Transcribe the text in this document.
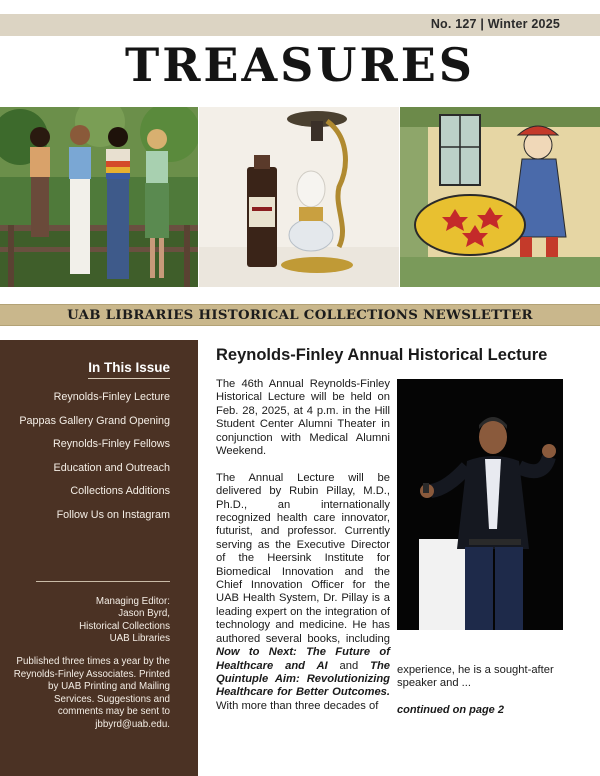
No. 127 | Winter 2025
TREASURES
UAB LIBRARIES HISTORICAL COLLECTIONS NEWSLETTER
In This Issue
Reynolds-Finley Lecture
Pappas Gallery Grand Opening
Reynolds-Finley Fellows
Education and Outreach
Collections Additions
Follow Us on Instagram
Managing Editor:
Jason Byrd,
Historical Collections
UAB Libraries
Published three times a year by the Reynolds-Finley Associates. Printed by UAB Printing and Mailing Services. Suggestions and comments may be sent to jbbyrd@uab.edu.
Reynolds-Finley Annual Historical Lecture

The 46th Annual Reynolds-Finley Historical Lecture will be held on Feb. 28, 2025, at 4 p.m. in the Hill Student Center Alumni Theater in conjunction with Medical Alumni Weekend.

The Annual Lecture will be delivered by Rubin Pillay, M.D., Ph.D., an internationally recognized health care innovator, futurist, and professor. Currently serving as the Executive Director of the Heersink Institute for Biomedical Innovation and the Chief Innovation Officer for the UAB Health System, Dr. Pillay is a leading expert on the integration of technology and medicine. He has authored several books, including Now to Next: The Future of Healthcare and AI and The Quintuple Aim: Revolutionizing Healthcare for Better Outcomes. With more than three decades of

experience, he is a sought-after speaker and ...
continued on page 2
